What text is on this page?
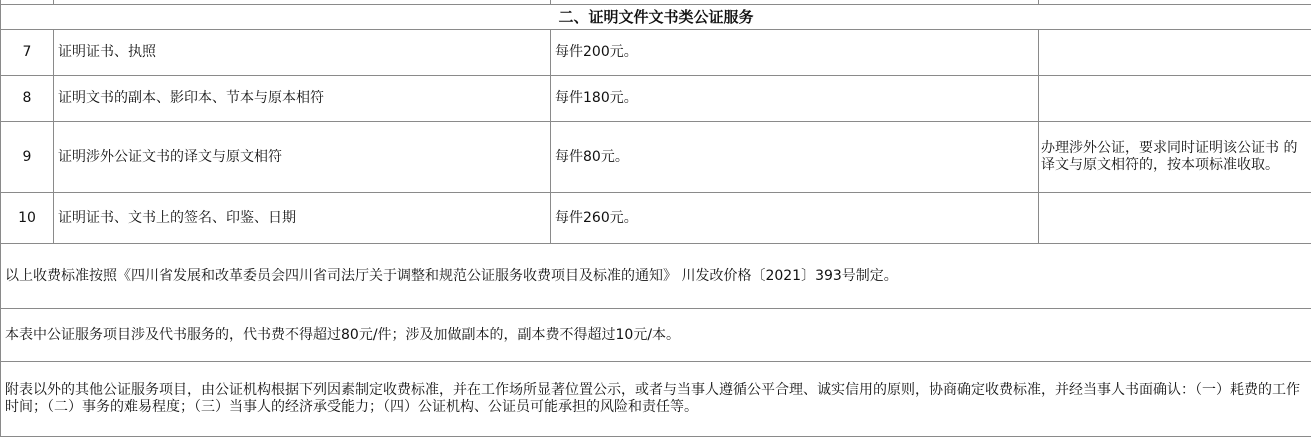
二、证明文件文书类公证服务			
7	证明证书、执照	每件200元。	
8	证明文书的副本、影印本、节本与原本相符	每件180元。	
9	证明涉外公证文书的译文与原文相符	每件80元。	办理涉外公证，要求同时证明该公证书 的译文与原文相符的，按本项标准收取。
10	证明证书、文书上的签名、印鉴、日期	每件260元。	
以上收费标准按照《四川省发展和改革委员会四川省司法厅关于调整和规范公证服务收费项目及标准的通知》 川发改价格〔2021〕393号制定。			
本表中公证服务项目涉及代书服务的，代书费不得超过80元/件；涉及加做副本的，副本费不得超过10元/本。			
附表以外的其他公证服务项目，由公证机构根据下列因素制定收费标准，并在工作场所显著位置公示，或者与当事人遵循公平合理、诚实信用的原则，协商确定收费标准，并经当事人书面确认：（一）耗费的工作时间；（二）事务的难易程度；（三）当事人的经济承受能力；（四）公证机构、公证员可能承担的风险和责任等。			
